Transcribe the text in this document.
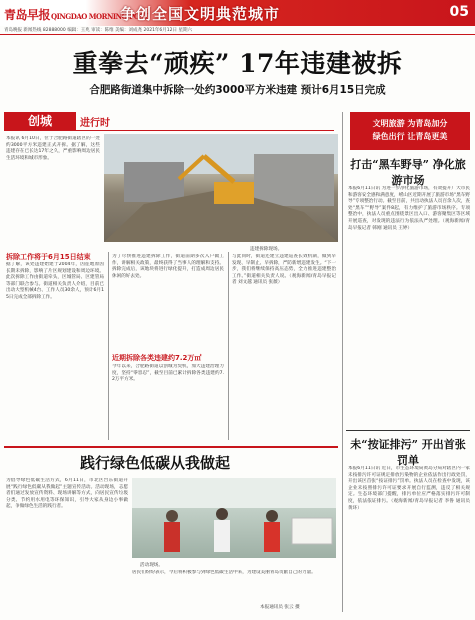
青岛早报QINGDAO MORNING POST
争创全国文明典范城市	05
青岛晚报 新闻热线 82888000 编辑：王兆 审读：陈维 美编：刘成尧 2021年6月12日 星期六
重拳去“顽疾” 17年违建被拆
合肥路街道集中拆除一处约3000平方米违建 预计6月15日完成
创城	进行时	文明旅游 为青岛加分
绿色出行 让青岛更美
本报讯 6月10日，位于合肥路街道辖区的一处约3000平方米违建正式开拆。据了解，这些违建存在已长达17年之久，严重影响周边居民生活环境和城市形象。
违建拆除现场。
拆除工作将于6月15日结束
据了解，该处违建始建于2004年，因征地原因长期未拆除，影响了片区规划建设和周边环境。此次拆除工作由街道牵头，区城管局、区建管局等部门联合参与。街道相关负责人介绍，目前已出动大型机械4台、工作人员30余人，预计6月15日完成全部拆除工作。
为了尽快推进违建拆除工作，街道前期多次入户做工作，讲解相关政策，最终获得了当事人的理解和支持。拆除完成后，该地块将进行绿化提升，打造成周边居民休闲的好去处。
近期拆除各类违建约7.2万㎡
今年以来，合肥路街道以创城为契机，加大违建治理力度，坚持“零容忍”，截至目前已累计拆除各类违建约7.2万平方米。
与此同时，街道还建立违建巡查长效机制，做到早发现、早制止、早拆除，严防新增违建发生。“下一步，我们将继续保持高压态势，全力推进违建整治工作。”街道相关负责人说。（观海新闻/青岛早报记者 刘文越 通讯员 张薇）
打击“黑车野导” 净化旅游市场
本报6月11日讯 为进一步净化旅游市场，有效提升广大市民和游客安全感和满意度，崂山区近期开展了旅游市场“黑车野导”专项整治行动。截至目前，共出动执法人员百余人次，查处“黑车”“野导”案件8起，有力维护了旅游市场秩序。专项整治中，执法人员重点围绕景区出入口、游客聚集区等区域开展巡查，对发现的违法行为依法从严处理。（观海新闻/青岛早报记者 韩刚 通讯员 王婷）
践行绿色低碳从我做起
为倡导绿色低碳生活方式，6月11日，市北区台东街道开展“践行绿色低碳从我做起”主题宣传活动。活动现场，志愿者们通过发放宣传资料、现场讲解等方式，向居民宣传垃圾分类、节约用水用电等环保知识，引导大家从身边小事做起，争做绿色生活的践行者。
活动现场。
居民们纷纷表示，今后将积极参与到绿色低碳生活中来，为建设美丽青岛贡献自己的力量。
本报通讯员 张云 摄
未“按证排污” 开出首张罚单
本报6月11日讯 近日，市生态环境局黄岛分局对辖区内一家未按排污许可证规定排放污染物的企业依法作出行政处罚，开出该区首张“按证排污”罚单。执法人员在检查中发现，该企业未按照排污许可证要求开展自行监测，违反了相关规定。生态环境部门提醒，排污单位应严格落实排污许可制度，依法依证排污。（观海新闻/青岛早报记者 李鲁 通讯员 黄环）
